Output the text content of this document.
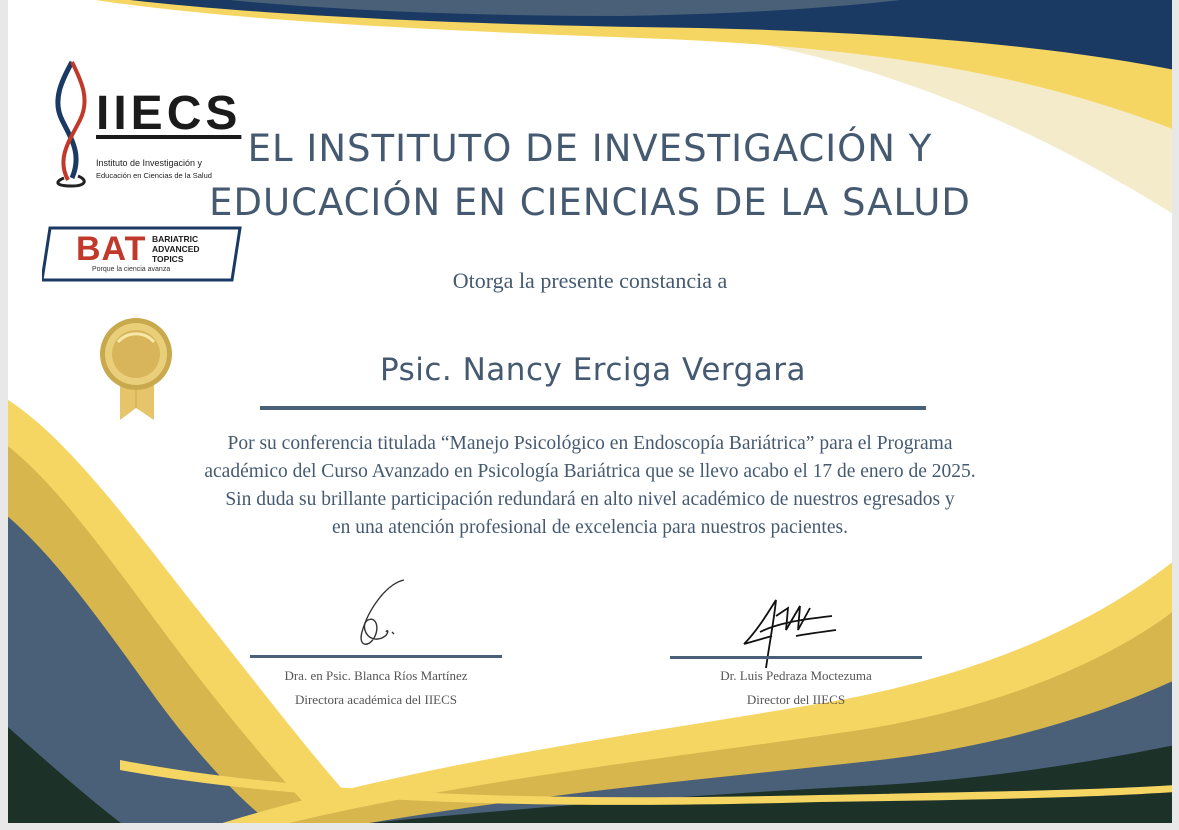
IIECS
Instituto de Investigación y
Educación en Ciencias de la Salud
BAT BARIATRIC
ADVANCED
TOPICS
Porque la ciencia avanza
EL INSTITUTO DE INVESTIGACIÓN Y
EDUCACIÓN EN CIENCIAS DE LA SALUD
Otorga la presente constancia a
Psic. Nancy Erciga Vergara
Por su conferencia titulada “Manejo Psicológico en Endoscopía Bariátrica” para el Programa
académico del Curso Avanzado en Psicología Bariátrica que se llevo acabo el 17 de enero de 2025.
Sin duda su brillante participación redundará en alto nivel académico de nuestros egresados y
en una atención profesional de excelencia para nuestros pacientes.
Dra. en Psic. Blanca Ríos Martínez
Directora académica del IIECS
Dr. Luis Pedraza Moctezuma
Director del IIECS
